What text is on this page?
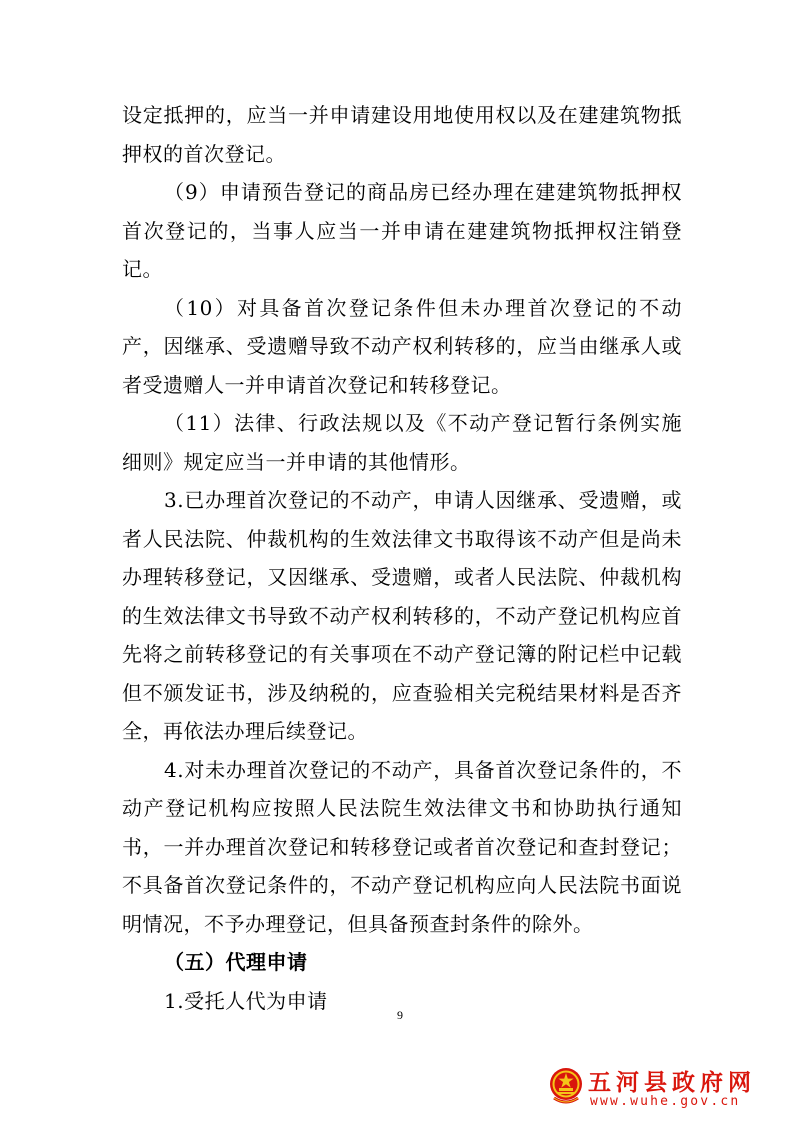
设定抵押的，应当一并申请建设用地使用权以及在建建筑物抵押权的首次登记。

（9）申请预告登记的商品房已经办理在建建筑物抵押权首次登记的，当事人应当一并申请在建建筑物抵押权注销登记。

（10）对具备首次登记条件但未办理首次登记的不动产，因继承、受遗赠导致不动产权利转移的，应当由继承人或者受遗赠人一并申请首次登记和转移登记。

（11）法律、行政法规以及《不动产登记暂行条例实施细则》规定应当一并申请的其他情形。

3.已办理首次登记的不动产，申请人因继承、受遗赠，或者人民法院、仲裁机构的生效法律文书取得该不动产但是尚未办理转移登记，又因继承、受遗赠，或者人民法院、仲裁机构的生效法律文书导致不动产权利转移的，不动产登记机构应首先将之前转移登记的有关事项在不动产登记簿的附记栏中记载但不颁发证书，涉及纳税的，应查验相关完税结果材料是否齐全，再依法办理后续登记。

4.对未办理首次登记的不动产，具备首次登记条件的，不动产登记机构应按照人民法院生效法律文书和协助执行通知书，一并办理首次登记和转移登记或者首次登记和查封登记；不具备首次登记条件的，不动产登记机构应向人民法院书面说明情况，不予办理登记，但具备预查封条件的除外。

（五）代理申请

1.受托人代为申请

9
五河县政府网
www.wuhe.gov.cn
